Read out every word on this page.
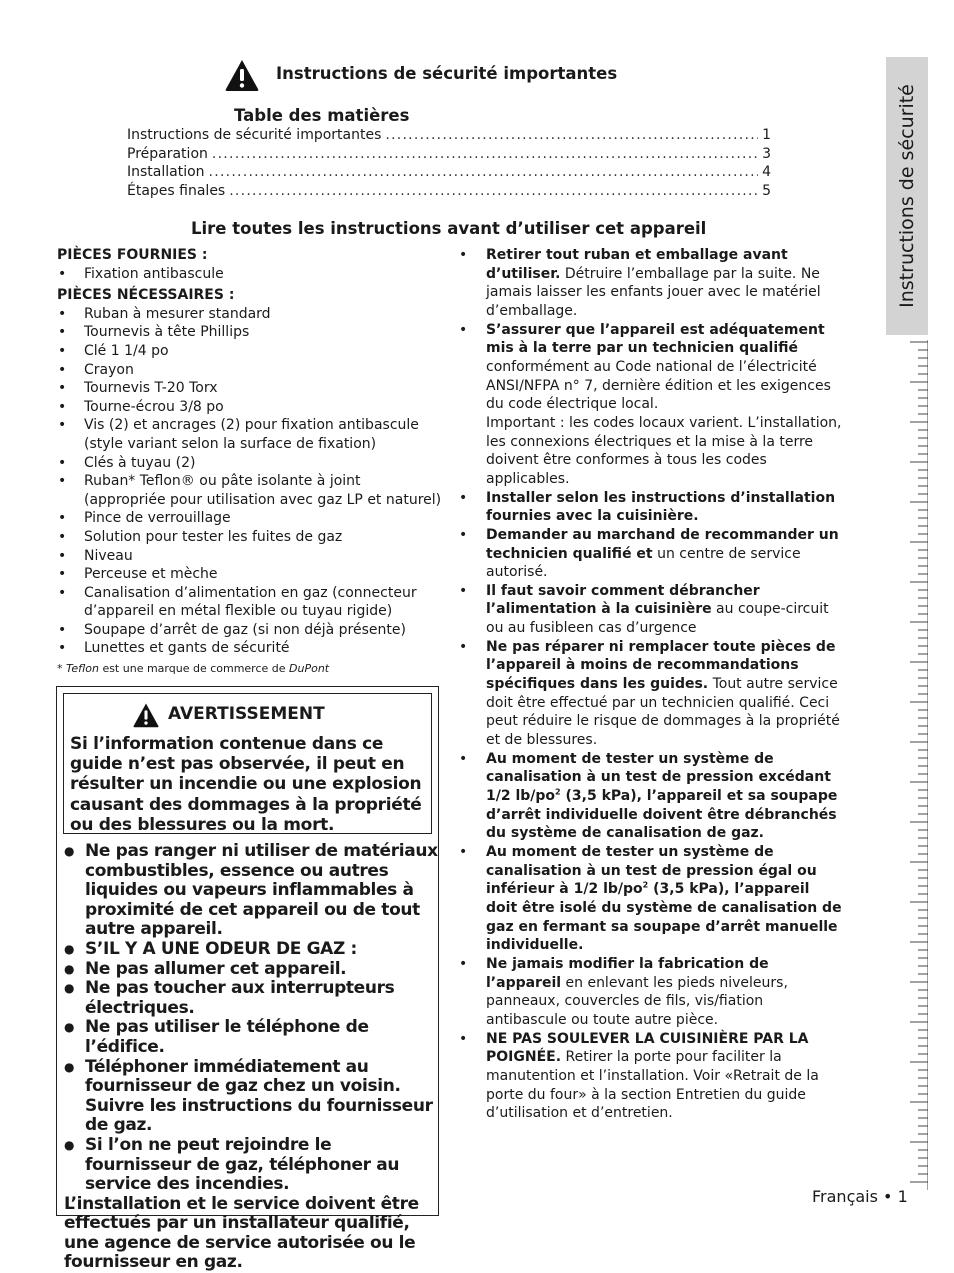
Instructions de sécurité importantes
Table des matières
Instructions de sécurité importantes . . .	1
Préparation . . .	3
Installation . . .	4
Étapes finales . . .	5
Lire toutes les instructions avant d’utiliser cet appareil

PIÈCES FOURNIES :

• Fixation antibascule

PIÈCES NÉCESSAIRES :

• Ruban à mesurer standard
• Tournevis à tête Phillips
• Clé 1 1/4 po
• Crayon
• Tournevis T-20 Torx
• Tourne-écrou 3/8 po
• Vis (2) et ancrages (2) pour fixation antibascule (style variant selon la surface de fixation)
• Clés à tuyau (2)
• Ruban* Teflon® ou pâte isolante à joint (appropriée pour utilisation avec gaz LP et naturel)
• Pince de verrouillage
• Solution pour tester les fuites de gaz
• Niveau
• Perceuse et mèche
• Canalisation d’alimentation en gaz (connecteur d’appareil en métal flexible ou tuyau rigide)
• Soupape d’arrêt de gaz (si non déjà présente)
• Lunettes et gants de sécurité
* Teflon est une marque de commerce de DuPont
AVERTISSEMENT
Si l’information contenue dans ce guide n’est pas observée, il peut en résulter un incendie ou une explosion causant des dommages à la propriété ou des blessures ou la mort.
● Ne pas ranger ni utiliser de matériaux combustibles, essence ou autres liquides ou vapeurs inflammables à proximité de cet appareil ou de tout autre appareil.
● S’IL Y A UNE ODEUR DE GAZ :
● Ne pas allumer cet appareil.
● Ne pas toucher aux interrupteurs électriques.
● Ne pas utiliser le téléphone de l’édifice.
● Téléphoner immédiatement au fournisseur de gaz chez un voisin. Suivre les instructions du fournisseur de gaz.
● Si l’on ne peut rejoindre le fournisseur de gaz, téléphoner au service des incendies.
L’installation et le service doivent être effectués par un installateur qualifié, une agence de service autorisée ou le fournisseur en gaz.
• Retirer tout ruban et emballage avant d’utiliser. Détruire l’emballage par la suite. Ne jamais laisser les enfants jouer avec le matériel d’emballage.
• S’assurer que l’appareil est adéquatement mis à la terre par un technicien qualifié conformément au Code national de l’électricité ANSI/NFPA n° 7, dernière édition et les exigences du code électrique local.
Important : les codes locaux varient. L’installation, les connexions électriques et la mise à la terre doivent être conformes à tous les codes applicables.
• Installer selon les instructions d’installation fournies avec la cuisinière.
• Demander au marchand de recommander un technicien qualifié et un centre de service autorisé.
• Il faut savoir comment débrancher l’alimentation à la cuisinière au coupe-circuit ou au fusibleen cas d’urgence
• Ne pas réparer ni remplacer toute pièces de l’appareil à moins de recommandations spécifiques dans les guides. Tout autre service doit être effectué par un technicien qualifié. Ceci peut réduire le risque de dommages à la propriété et de blessures.
• Au moment de tester un système de canalisation à un test de pression excédant 1/2 $lb/po^2$ (3,5 kPa), l’appareil et sa soupape d’arrêt individuelle doivent être débranchés du système de canalisation de gaz.
• Au moment de tester un système de canalisation à un test de pression égal ou inférieur à 1/2 $lb/po^2$ (3,5 kPa), l’appareil doit être isolé du système de canalisation de gaz en fermant sa soupape d’arrêt manuelle individuelle.
• Ne jamais modifier la fabrication de l’appareil en enlevant les pieds niveleurs, panneaux, couvercles de fils, vis/fiation antibascule ou toute autre pièce.
• NE PAS SOULEVER LA CUISINIÈRE PAR LA POIGNÉE. Retirer la porte pour faciliter la manutention et l’installation. Voir «Retrait de la porte du four» à la section Entretien du guide d’utilisation et d’entretien.
Instructions de sécurité
Français • 1
